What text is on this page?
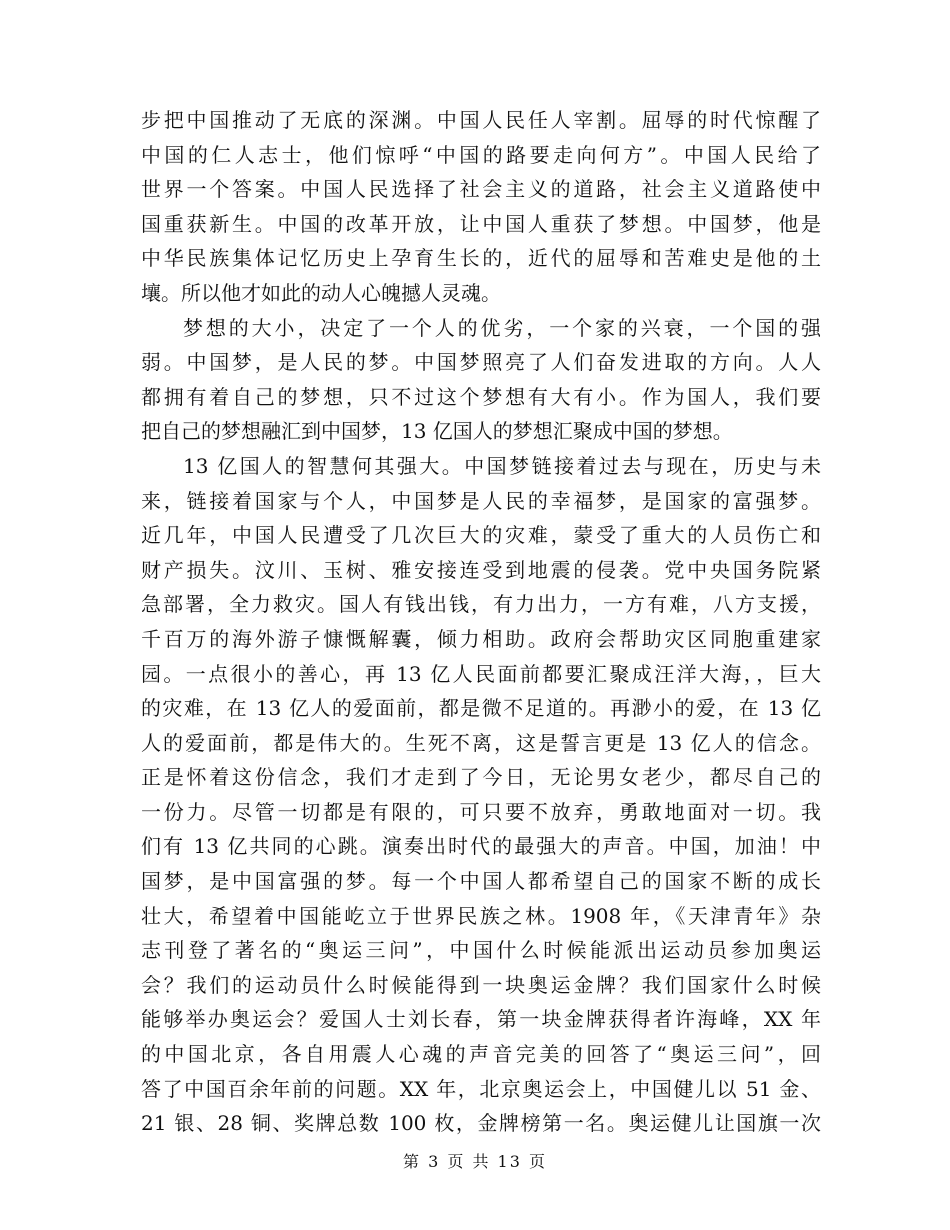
步把中国推动了无底的深渊。中国人民任人宰割。屈辱的时代惊醒了
中国的仁人志士，他们惊呼“中国的路要走向何方”。中国人民给了
世界一个答案。中国人民选择了社会主义的道路，社会主义道路使中
国重获新生。中国的改革开放，让中国人重获了梦想。中国梦，他是
中华民族集体记忆历史上孕育生长的，近代的屈辱和苦难史是他的土
壤。所以他才如此的动人心魄撼人灵魂。
梦想的大小，决定了一个人的优劣，一个家的兴衰，一个国的强
弱。中国梦，是人民的梦。中国梦照亮了人们奋发进取的方向。人人
都拥有着自己的梦想，只不过这个梦想有大有小。作为国人，我们要
把自己的梦想融汇到中国梦，13 亿国人的梦想汇聚成中国的梦想。
13 亿国人的智慧何其强大。中国梦链接着过去与现在，历史与未
来，链接着国家与个人，中国梦是人民的幸福梦，是国家的富强梦。
近几年，中国人民遭受了几次巨大的灾难，蒙受了重大的人员伤亡和
财产损失。汶川、玉树、雅安接连受到地震的侵袭。党中央国务院紧
急部署，全力救灾。国人有钱出钱，有力出力，一方有难，八方支援，
千百万的海外游子慷慨解囊，倾力相助。政府会帮助灾区同胞重建家
园。一点很小的善心，再 13 亿人民面前都要汇聚成汪洋大海，，巨大
的灾难，在 13 亿人的爱面前，都是微不足道的。再渺小的爱，在 13 亿
人的爱面前，都是伟大的。生死不离，这是誓言更是 13 亿人的信念。
正是怀着这份信念，我们才走到了今日，无论男女老少，都尽自己的
一份力。尽管一切都是有限的，可只要不放弃，勇敢地面对一切。我
们有 13 亿共同的心跳。演奏出时代的最强大的声音。中国，加油！中
国梦，是中国富强的梦。每一个中国人都希望自己的国家不断的成长
壮大，希望着中国能屹立于世界民族之林。1908 年，《天津青年》杂
志刊登了著名的“奥运三问”，中国什么时候能派出运动员参加奥运
会？我们的运动员什么时候能得到一块奥运金牌？我们国家什么时候
能够举办奥运会？爱国人士刘长春，第一块金牌获得者许海峰，XX 年
的中国北京，各自用震人心魂的声音完美的回答了“奥运三问”，回
答了中国百余年前的问题。XX 年，北京奥运会上，中国健儿以 51 金、
21 银、28 铜、奖牌总数 100 枚，金牌榜第一名。奥运健儿让国旗一次
第 3 页 共 13 页
